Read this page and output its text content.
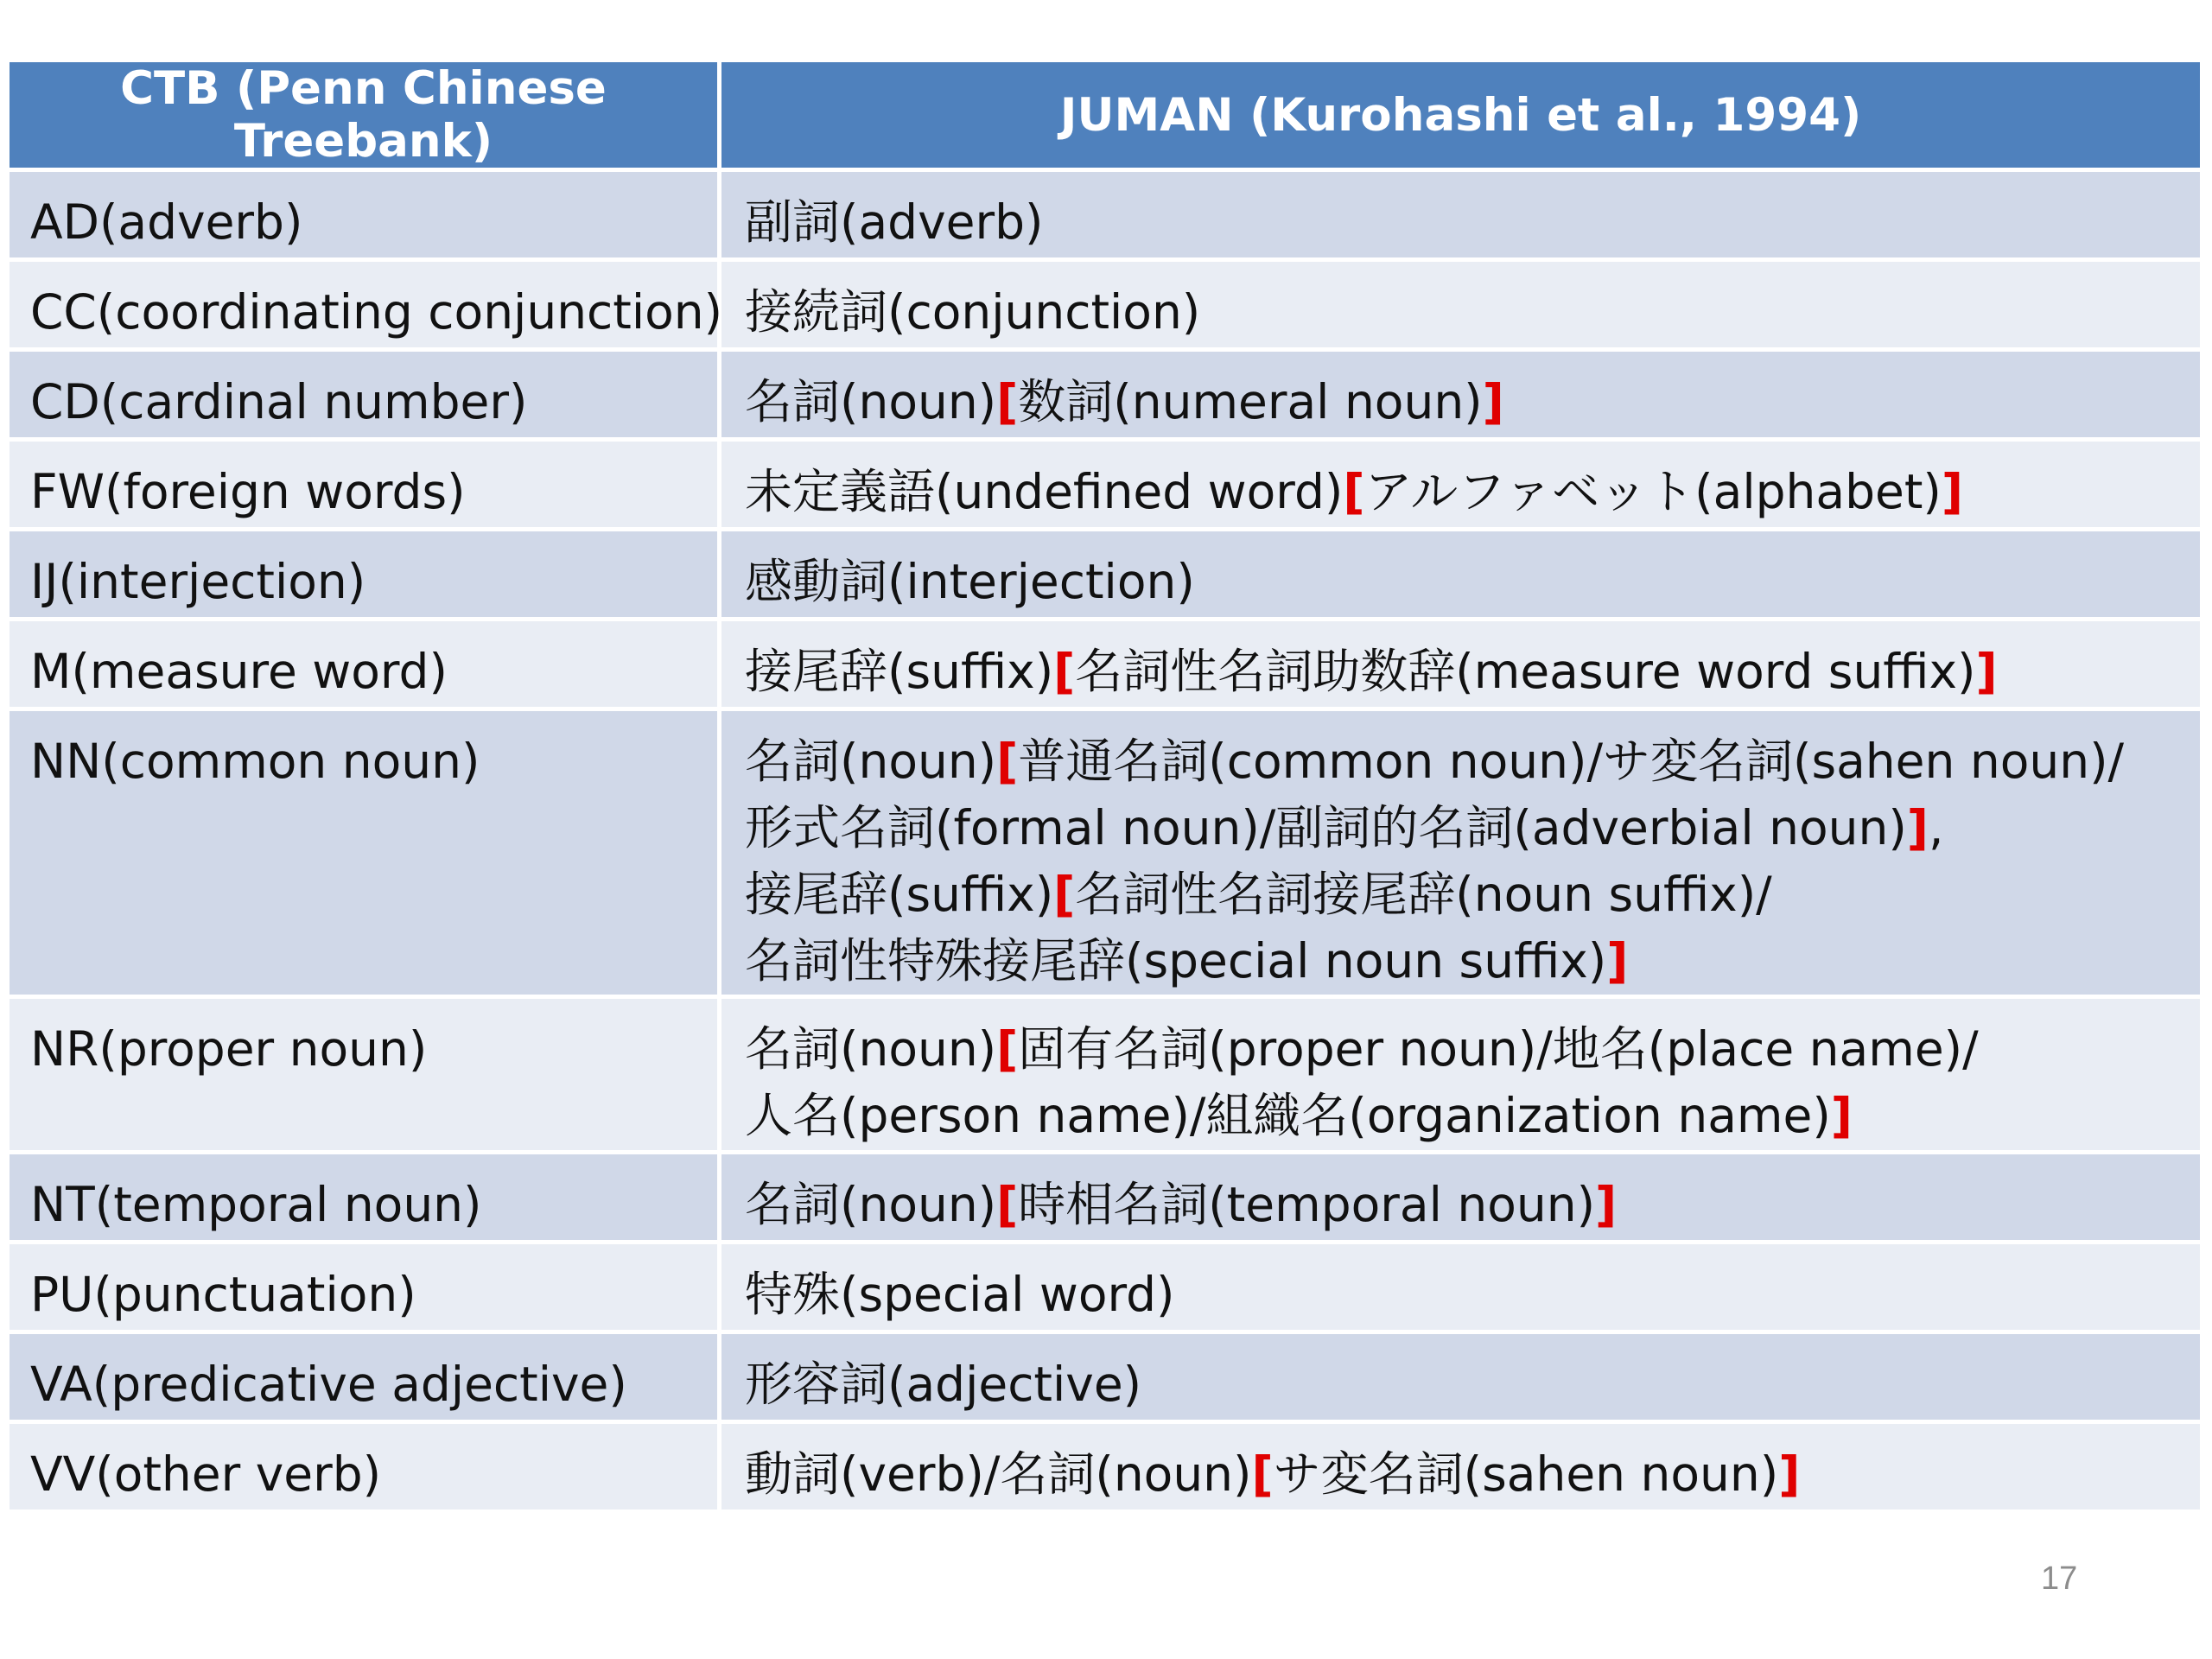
CTB (Penn Chinese Treebank)	JUMAN (Kurohashi et al., 1994)
AD(adverb)	副詞(adverb)

CC(coordinating conjunction)	接続詞(conjunction)

CD(cardinal number)	名詞(noun)[数詞(numeral noun)]

FW(foreign words)	未定義語(undefined word)[アルファベット(alphabet)]

IJ(interjection)	感動詞(interjection)

M(measure word)	接尾辞(suffix)[名詞性名詞助数辞(measure word suffix)]

NN(common noun)	名詞(noun)[普通名詞(common noun)/サ変名詞(sahen noun)/
形式名詞(formal noun)/副詞的名詞(adverbial noun)],
接尾辞(suffix)[名詞性名詞接尾辞(noun suffix)/
名詞性特殊接尾辞(special noun suffix)]

NR(proper noun)	名詞(noun)[固有名詞(proper noun)/地名(place name)/
人名(person name)/組織名(organization name)]

NT(temporal noun)	名詞(noun)[時相名詞(temporal noun)]

PU(punctuation)	特殊(special word)

VA(predicative adjective)	形容詞(adjective)

VV(other verb)	動詞(verb)/名詞(noun)[サ変名詞(sahen noun)]
17
